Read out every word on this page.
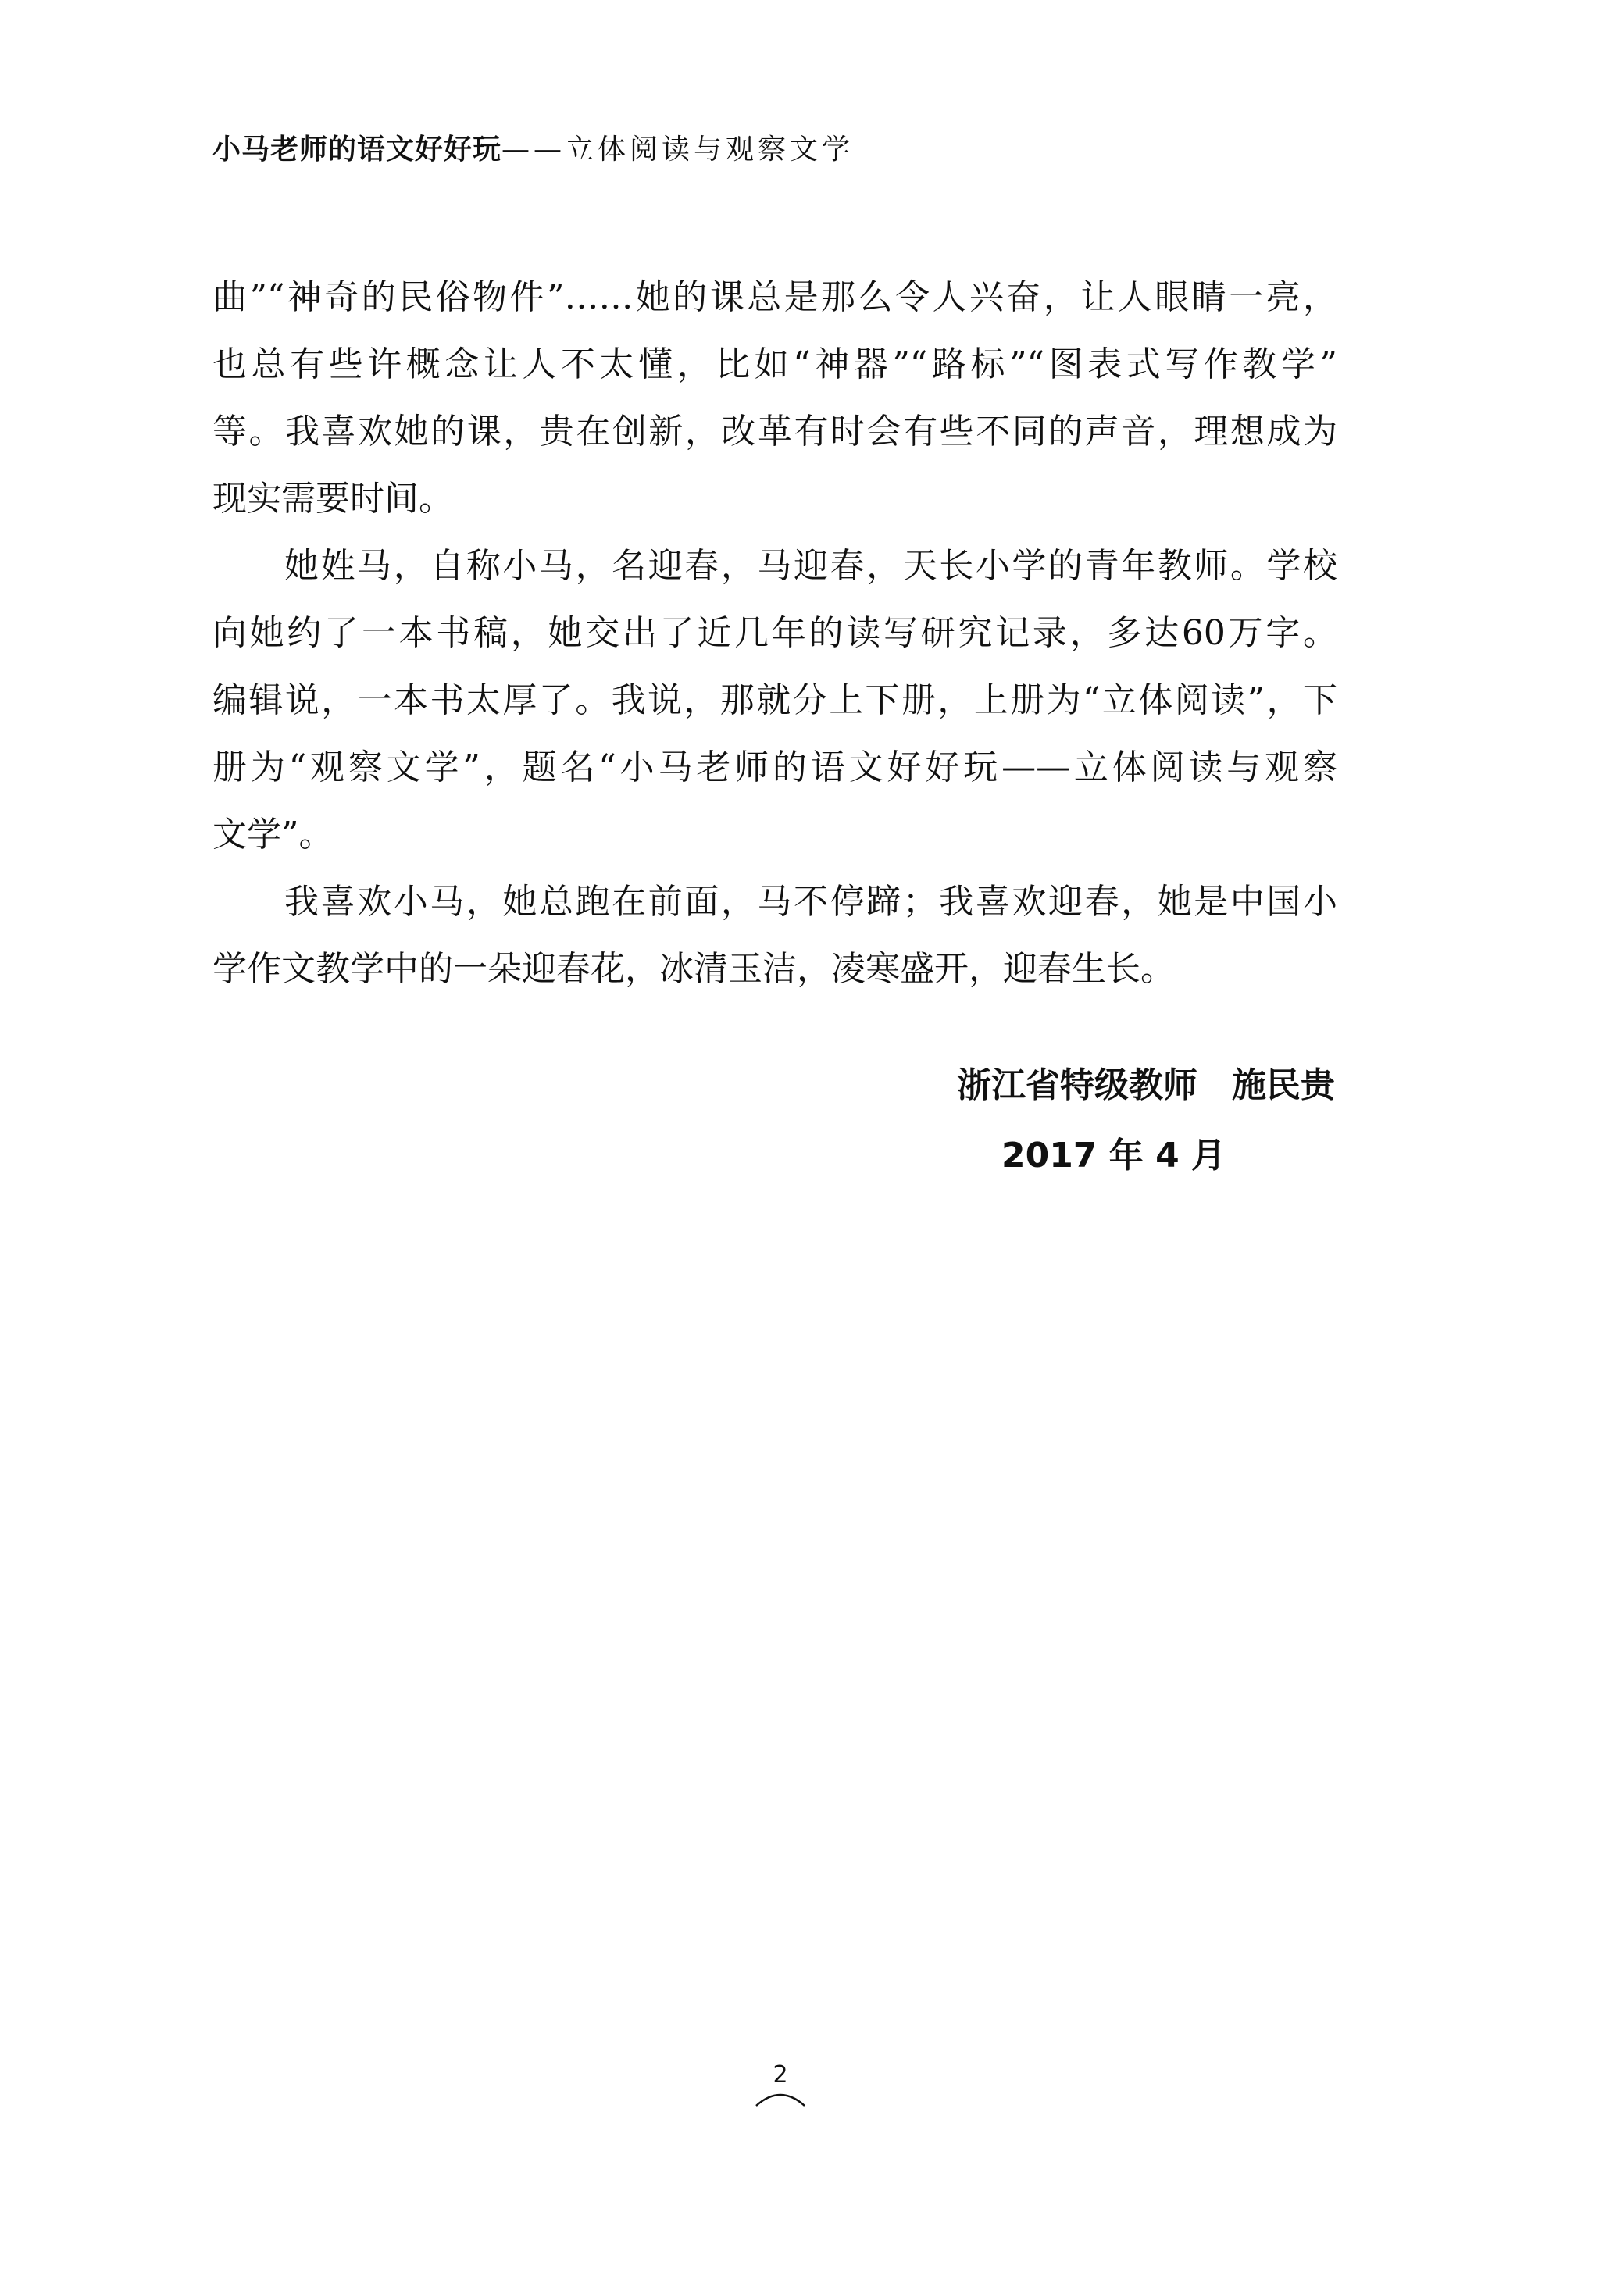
小马老师的语文好好玩——立体阅读与观察文学
曲”“神奇的民俗物件”……她的课总是那么令人兴奋，让人眼睛一亮，
也总有些许概念让人不太懂，比如“神器”“路标”“图表式写作教学”
等。我喜欢她的课，贵在创新，改革有时会有些不同的声音，理想成为
现实需要时间。
她姓马，自称小马，名迎春，马迎春，天长小学的青年教师。学校
向她约了一本书稿，她交出了近几年的读写研究记录，多达60万字。
编辑说，一本书太厚了。我说，那就分上下册，上册为“立体阅读”，下
册为“观察文学”，题名“小马老师的语文好好玩——立体阅读与观察
文学”。
我喜欢小马，她总跑在前面，马不停蹄；我喜欢迎春，她是中国小
学作文教学中的一朵迎春花，冰清玉洁，凌寒盛开，迎春生长。
浙江省特级教师　施民贵
2017 年 4 月
2
